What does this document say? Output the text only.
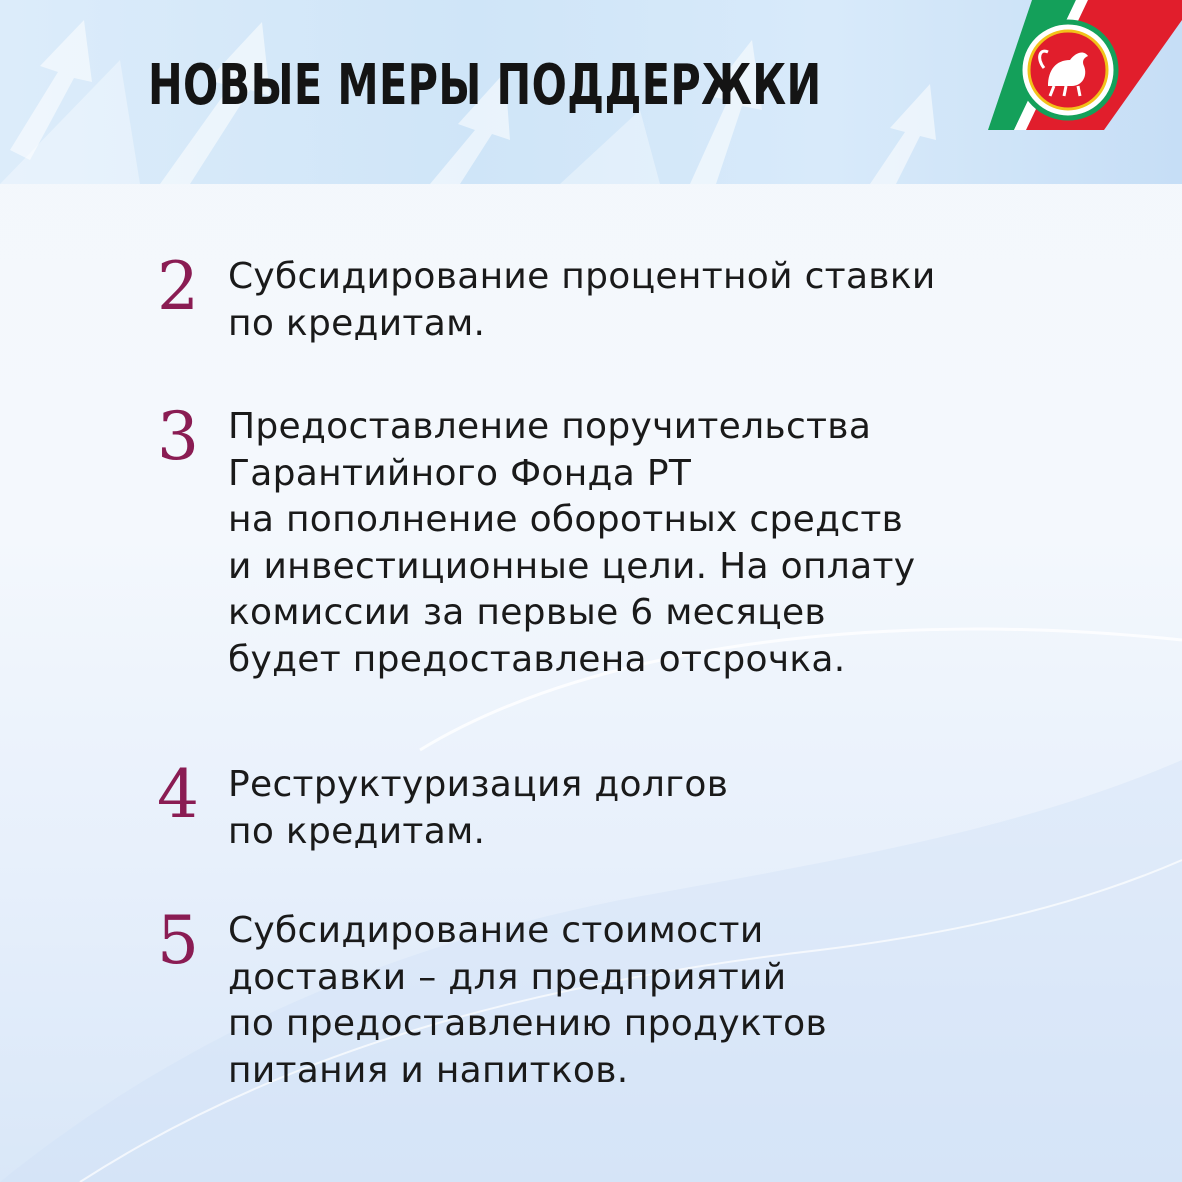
НОВЫЕ МЕРЫ ПОДДЕРЖКИ
2 Субсидирование процентной ставки
по кредитам.

3 Предоставление поручительства
Гарантийного Фонда РТ
на пополнение оборотных средств
и инвестиционные цели. На оплату
комиссии за первые 6 месяцев
будет предоставлена отсрочка.

4 Реструктуризация долгов
по кредитам.

5 Субсидирование стоимости
доставки – для предприятий
по предоставлению продуктов
питания и напитков.
